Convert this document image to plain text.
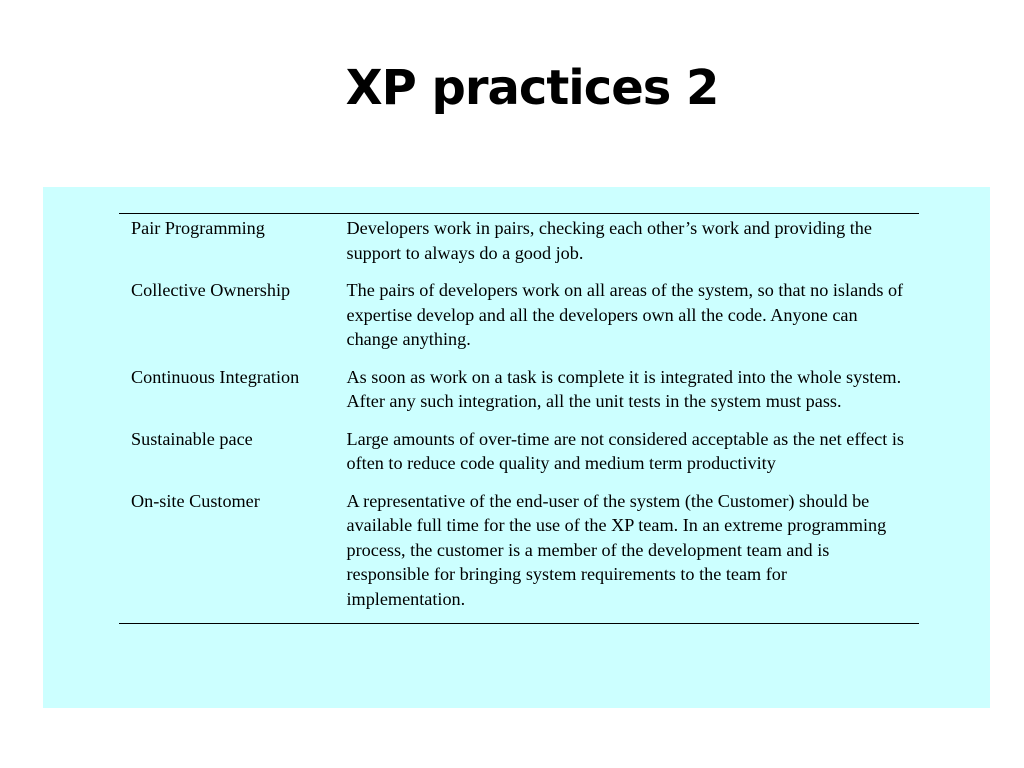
XP practices 2
Pair Programming	Developers work in pairs, checking each other’s work and providing the support to always do a good job.
Collective Ownership	The pairs of developers work on all areas of the system, so that no islands of expertise develop and all the developers own all the code. Anyone can change anything.
Continuous Integration	As soon as work on a task is complete it is integrated into the whole system. After any such integration, all the unit tests in the system must pass.
Sustainable pace	Large amounts of over-time are not considered acceptable as the net effect is often to reduce code quality and medium term productivity
On-site Customer	A representative of the end-user of the system (the Customer) should be available full time for the use of the XP team. In an extreme programming process, the customer is a member of the development team and is responsible for bringing system requirements to the team for implementation.
